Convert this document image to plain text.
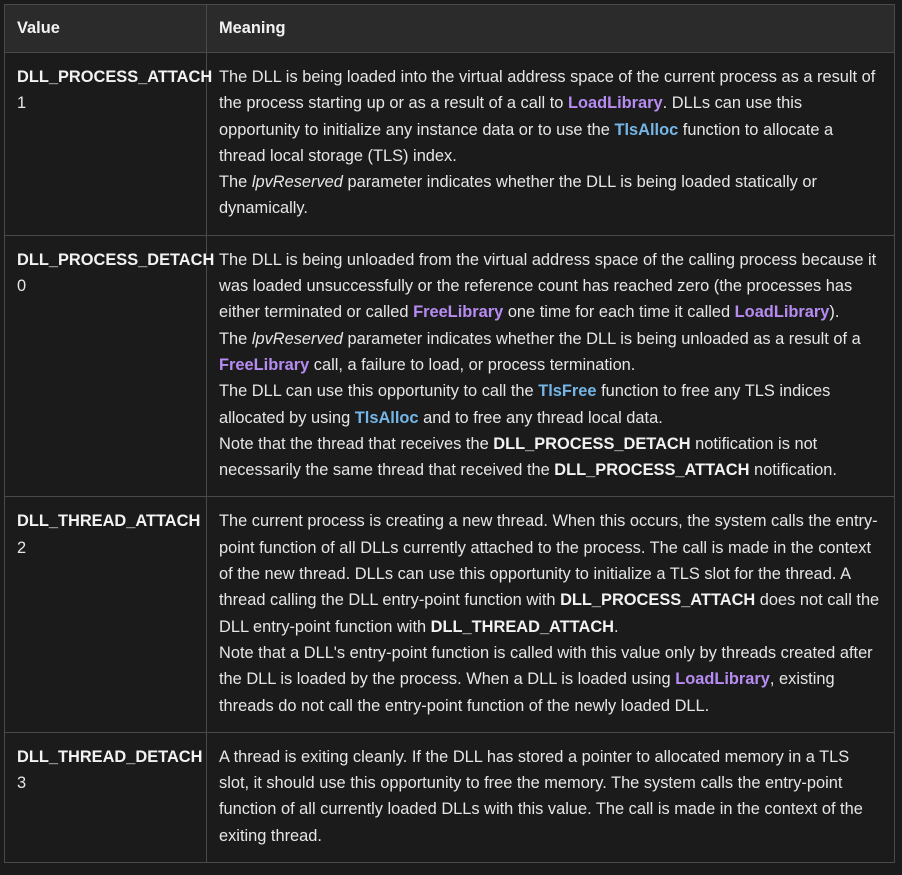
Value	Meaning
DLL_PROCESS_ATTACH
1	The DLL is being loaded into the virtual address space of the current process as a result of the process starting up or as a result of a call to LoadLibrary. DLLs can use this opportunity to initialize any instance data or to use the TlsAlloc function to allocate a thread local storage (TLS) index.
The lpvReserved parameter indicates whether the DLL is being loaded statically or dynamically.
DLL_PROCESS_DETACH
0	The DLL is being unloaded from the virtual address space of the calling process because it was loaded unsuccessfully or the reference count has reached zero (the processes has either terminated or called FreeLibrary one time for each time it called LoadLibrary).
The lpvReserved parameter indicates whether the DLL is being unloaded as a result of a FreeLibrary call, a failure to load, or process termination.
The DLL can use this opportunity to call the TlsFree function to free any TLS indices allocated by using TlsAlloc and to free any thread local data.
Note that the thread that receives the DLL_PROCESS_DETACH notification is not necessarily the same thread that received the DLL_PROCESS_ATTACH notification.
DLL_THREAD_ATTACH
2	The current process is creating a new thread. When this occurs, the system calls the entry-point function of all DLLs currently attached to the process. The call is made in the context of the new thread. DLLs can use this opportunity to initialize a TLS slot for the thread. A thread calling the DLL entry-point function with DLL_PROCESS_ATTACH does not call the DLL entry-point function with DLL_THREAD_ATTACH.
Note that a DLL's entry-point function is called with this value only by threads created after the DLL is loaded by the process. When a DLL is loaded using LoadLibrary, existing threads do not call the entry-point function of the newly loaded DLL.
DLL_THREAD_DETACH
3	A thread is exiting cleanly. If the DLL has stored a pointer to allocated memory in a TLS slot, it should use this opportunity to free the memory. The system calls the entry-point function of all currently loaded DLLs with this value. The call is made in the context of the exiting thread.
